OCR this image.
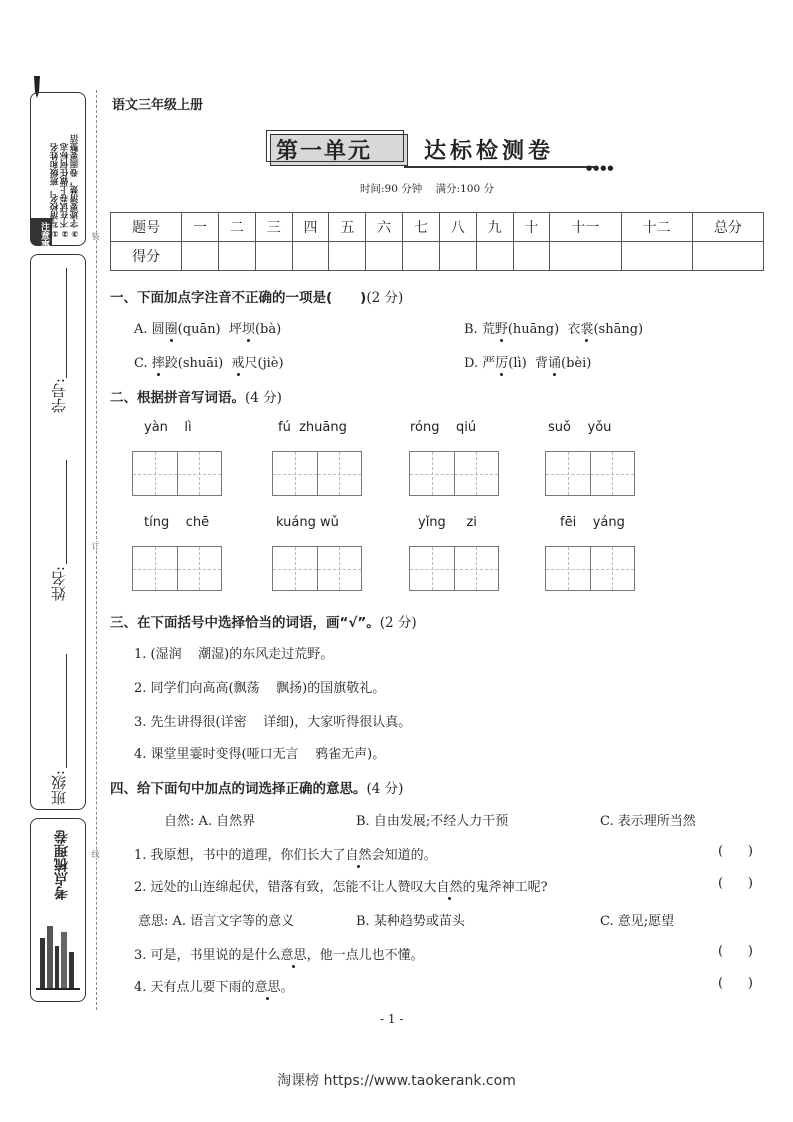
注意事项
①写清校名，班级和姓名
②不在试卷上做任何标志
③字迹要清楚，卷面要整洁
学号:
姓名:
班级:
考点梳理卷
装
订
线
语文三年级上册
第一单元 达标检测卷
●●●●
时间:90 分钟    满分:100 分
题号	一	二	三	四	五	六	七	八	九	十	十一	十二	总分
得分													
一、下面加点字注音不正确的一项是( )(2 分)
A. 圆圈(quān)  坪坝(bà)	B. 荒野(huāng)  衣裳(shāng)
C. 摔跤(shuāi)  戒尺(jiè)	D. 严厉(lì)  背诵(bèi)
二、根据拼音写词语。(4 分)
yàn    lì	fú  zhuāng	róng    qiú	suǒ    yǒu
tíng    chē	kuáng wǔ	yǐng     zi	fēi    yáng
三、在下面括号中选择恰当的词语，画“√”。(2 分)
1. (湿润    潮湿)的东风走过荒野。
2. 同学们向高高(飘荡    飘扬)的国旗敬礼。
3. 先生讲得很(详密    详细)，大家听得很认真。
4. 课堂里霎时变得(哑口无言    鸦雀无声)。
四、给下面句中加点的词选择正确的意思。(4 分)
自然: A. 自然界	B. 自由发展;不经人力干预	C. 表示理所当然
1. 我原想，书中的道理，你们长大了自然会知道的。	(      )
2. 远处的山连绵起伏，错落有致，怎能不让人赞叹大自然的鬼斧神工呢?	(      )
意思: A. 语言文字等的意义	B. 某种趋势或苗头	C. 意见;愿望
3. 可是，书里说的是什么意思，他一点儿也不懂。	(      )
4. 天有点儿要下雨的意思。	(      )
- 1 -
淘课榜 https://www.taokerank.com
